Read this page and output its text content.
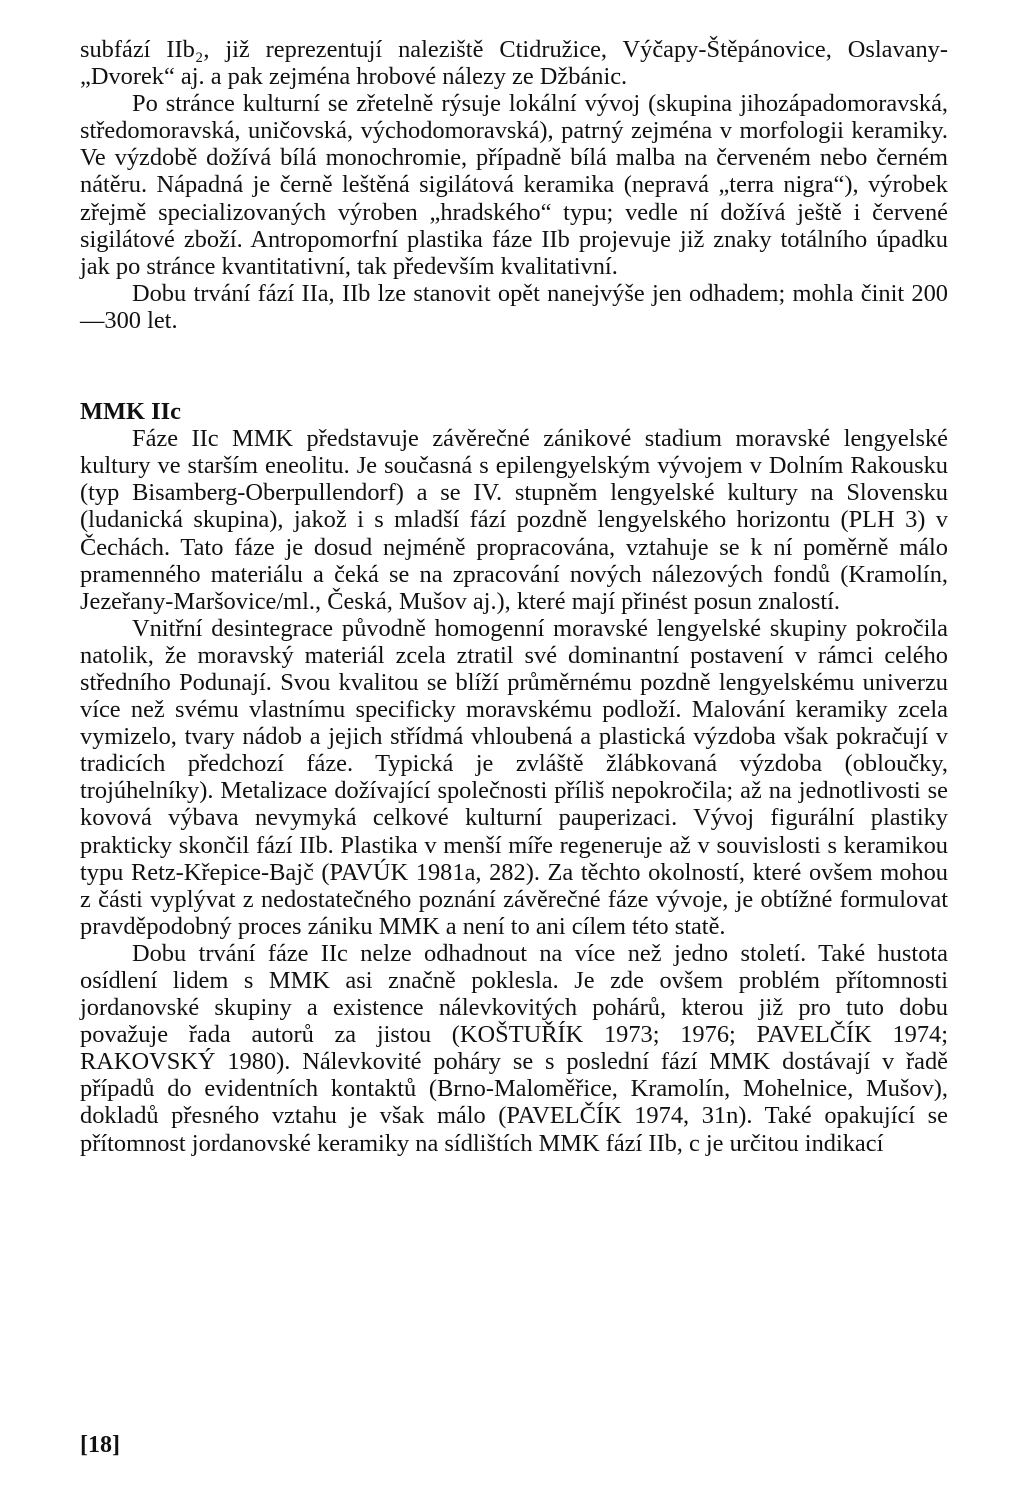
subfází IIb₂, již reprezentují naleziště Ctidružice, Výčapy-Štěpánovice, Oslavany-„Dvorek“ aj. a pak zejména hrobové nálezy ze Džbánic.

Po stránce kulturní se zřetelně rýsuje lokální vývoj (skupina jihozápadomoravská, středomoravská, uničovská, východomoravská), patrný zejména v morfologii keramiky. Ve výzdobě dožívá bílá monochromie, případně bílá malba na červeném nebo černém nátěru. Nápadná je černě leštěná sigilátová keramika (nepravá „terra nigra“), výrobek zřejmě specializovaných výroben „hradského“ typu; vedle ní dožívá ještě i červené sigilátové zboží. Antropomorfní plastika fáze IIb projevuje již znaky totálního úpadku jak po stránce kvantitativní, tak především kvalitativní.

Dobu trvání fází IIa, IIb lze stanovit opět nanejvýše jen odhadem; mohla činit 200—300 let.

MMK IIc

Fáze IIc MMK představuje závěrečné zánikové stadium moravské lengyelské kultury ve starším eneolitu. Je současná s epilengyelským vývojem v Dolním Rakousku (typ Bisamberg-Oberpullendorf) a se IV. stupněm lengyelské kultury na Slovensku (ludanická skupina), jakož i s mladší fází pozdně lengyelského horizontu (PLH 3) v Čechách. Tato fáze je dosud nejméně propracována, vztahuje se k ní poměrně málo pramenného materiálu a čeká se na zpracování nových nálezových fondů (Kramolín, Jezeřany-Maršovice/ml., Česká, Mušov aj.), které mají přinést posun znalostí.

Vnitřní desintegrace původně homogenní moravské lengyelské skupiny pokročila natolik, že moravský materiál zcela ztratil své dominantní postavení v rámci celého středního Podunají. Svou kvalitou se blíží průměrnému pozdně lengyelskému univerzu více než svému vlastnímu specificky moravskému podloží. Malování keramiky zcela vymizelo, tvary nádob a jejich střídmá vhloubená a plastická výzdoba však pokračují v tradicích předchozí fáze. Typická je zvláště žlábkovaná výzdoba (obloučky, trojúhelníky). Metalizace dožívající společnosti příliš nepokročila; až na jednotlivosti se kovová výbava nevymyká celkové kulturní pauperizaci. Vývoj figurální plastiky prakticky skončil fází IIb. Plastika v menší míře regeneruje až v souvislosti s keramikou typu Retz-Křepice-Bajč (PAVÚK 1981a, 282). Za těchto okolností, které ovšem mohou z části vyplývat z nedostatečného poznání závěrečné fáze vývoje, je obtížné formulovat pravděpodobný proces zániku MMK a není to ani cílem této statě.

Dobu trvání fáze IIc nelze odhadnout na více než jedno století. Také hustota osídlení lidem s MMK asi značně poklesla. Je zde ovšem problém přítomnosti jordanovské skupiny a existence nálevkovitých pohárů, kterou již pro tuto dobu považuje řada autorů za jistou (KOŠTUŘÍK 1973; 1976; PAVELČÍK 1974; RAKOVSKÝ 1980). Nálevkovité poháry se s poslední fází MMK dostávají v řadě případů do evidentních kontaktů (Brno-Maloměřice, Kramolín, Mohelnice, Mušov), dokladů přesného vztahu je však málo (PAVELČÍK 1974, 31n). Také opakující se přítomnost jordanovské keramiky na sídlištích MMK fází IIb, c je určitou indikací

[18]
